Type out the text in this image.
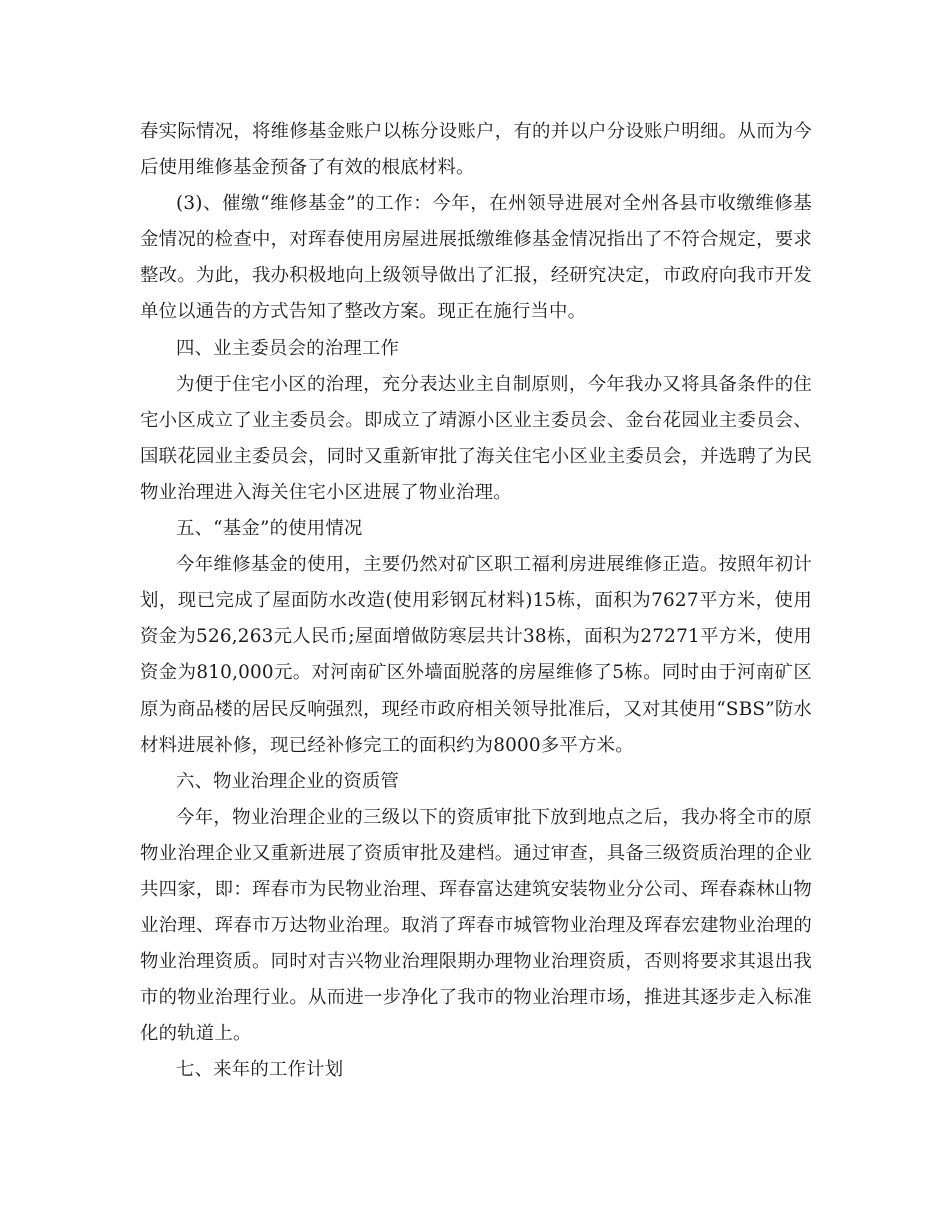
春实际情况，将维修基金账户以栋分设账户，有的并以户分设账户明细。从而为今后使用维修基金预备了有效的根底材料。

(3)、催缴“维修基金”的工作：今年，在州领导进展对全州各县市收缴维修基金情况的检查中，对珲春使用房屋进展抵缴维修基金情况指出了不符合规定，要求整改。为此，我办积极地向上级领导做出了汇报，经研究决定，市政府向我市开发单位以通告的方式告知了整改方案。现正在施行当中。

四、业主委员会的治理工作

为便于住宅小区的治理，充分表达业主自制原则，今年我办又将具备条件的住宅小区成立了业主委员会。即成立了靖源小区业主委员会、金台花园业主委员会、国联花园业主委员会，同时又重新审批了海关住宅小区业主委员会，并选聘了为民物业治理进入海关住宅小区进展了物业治理。

五、“基金”的使用情况

今年维修基金的使用，主要仍然对矿区职工福利房进展维修正造。按照年初计划，现已完成了屋面防水改造(使用彩钢瓦材料)15栋，面积为7627平方米，使用资金为526,263元人民币;屋面增做防寒层共计38栋，面积为27271平方米，使用资金为810,000元。对河南矿区外墙面脱落的房屋维修了5栋。同时由于河南矿区原为商品楼的居民反响强烈，现经市政府相关领导批准后，又对其使用“SBS”防水材料进展补修，现已经补修完工的面积约为8000多平方米。

六、物业治理企业的资质管

今年，物业治理企业的三级以下的资质审批下放到地点之后，我办将全市的原物业治理企业又重新进展了资质审批及建档。通过审查，具备三级资质治理的企业共四家，即：珲春市为民物业治理、珲春富达建筑安装物业分公司、珲春森林山物业治理、珲春市万达物业治理。取消了珲春市城管物业治理及珲春宏建物业治理的物业治理资质。同时对吉兴物业治理限期办理物业治理资质，否则将要求其退出我市的物业治理行业。从而进一步净化了我市的物业治理市场，推进其逐步走入标准化的轨道上。

七、来年的工作计划
